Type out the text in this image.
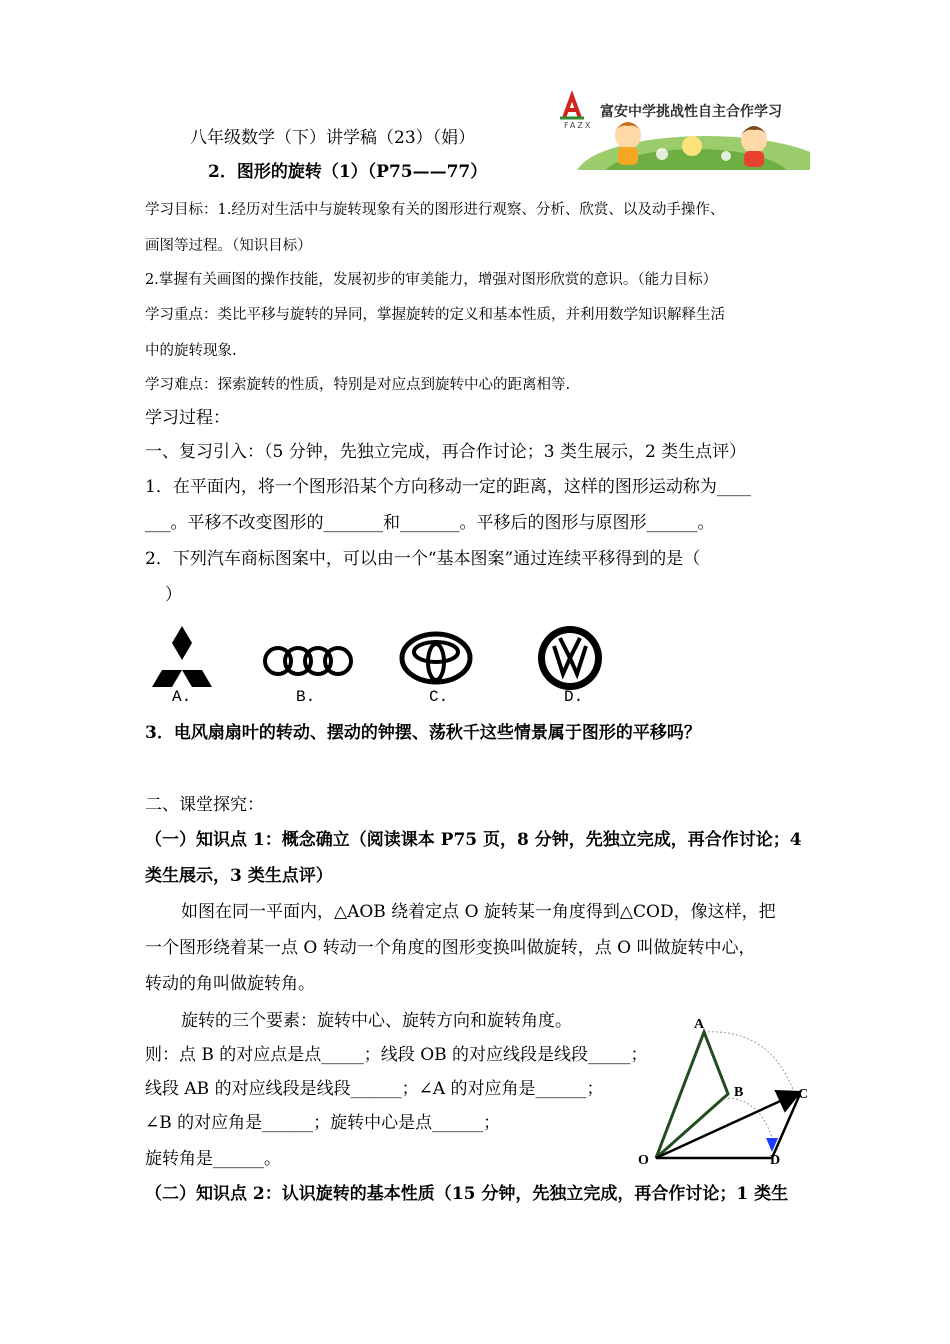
富安中学挑战性自主合作学习
FAZX
八年级数学（下）讲学稿（23）（娟）
2．图形的旋转（1）（P75——77）
学习目标：1.经历对生活中与旋转现象有关的图形进行观察、分析、欣赏、以及动手操作、
画图等过程。（知识目标）
2.掌握有关画图的操作技能，发展初步的审美能力，增强对图形欣赏的意识。（能力目标）
学习重点：类比平移与旋转的异同，掌握旋转的定义和基本性质，并利用数学知识解释生活
中的旋转现象.
学习难点：探索旋转的性质，特别是对应点到旋转中心的距离相等.
学习过程：
一、复习引入：（5 分钟，先独立完成，再合作讨论；3 类生展示，2 类生点评）
1．在平面内，将一个图形沿某个方向移动一定的距离，这样的图形运动称为____
___。平移不改变图形的_______和_______。平移后的图形与原图形______。
2．下列汽车商标图案中，可以由一个“基本图案”通过连续平移得到的是（
）
A.	B.	C.	D.
3．电风扇扇叶的转动、摆动的钟摆、荡秋千这些情景属于图形的平移吗？
二、课堂探究：
（一）知识点 1：概念确立（阅读课本 P75 页，8 分钟，先独立完成，再合作讨论；4
类生展示，3 类生点评）
如图在同一平面内，△AOB 绕着定点 O 旋转某一角度得到△COD，像这样，把
一个图形绕着某一点 O 转动一个角度的图形变换叫做旋转，点 O 叫做旋转中心，
转动的角叫做旋转角。
旋转的三个要素：旋转中心、旋转方向和旋转角度。
则：点 B 的对应点是点_____；线段 OB 的对应线段是线段_____；
线段 AB 的对应线段是线段______；∠A 的对应角是______；
∠B 的对应角是______；旋转中心是点______；
旋转角是______。
（二）知识点 2：认识旋转的基本性质（15 分钟，先独立完成，再合作讨论；1 类生
A
B	C
O	D
